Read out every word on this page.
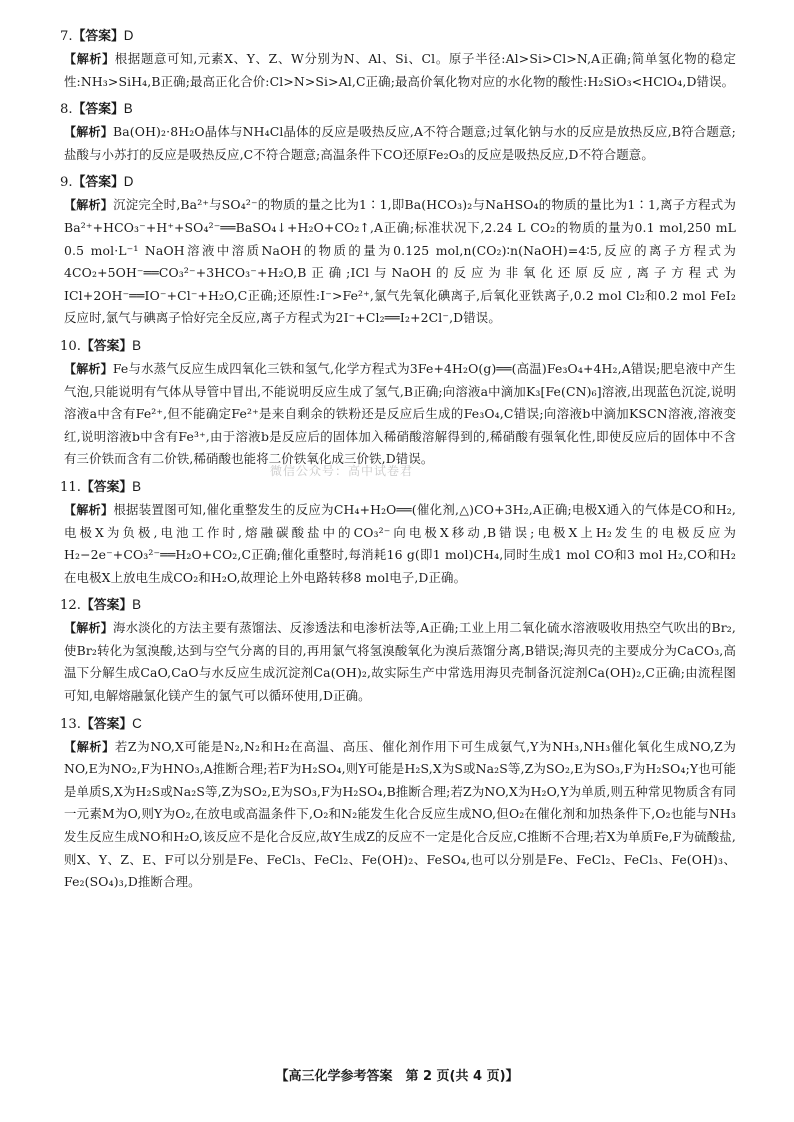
微信公众号：高中试卷君
7.【答案】D
【解析】根据题意可知,元素X、Y、Z、W分别为N、Al、Si、Cl。原子半径:Al>Si>Cl>N,A正确;简单氢化物的稳定性:NH₃>SiH₄,B正确;最高正化合价:Cl>N>Si>Al,C正确;最高价氧化物对应的水化物的酸性:H₂SiO₃<HClO₄,D错误。
8.【答案】B
【解析】Ba(OH)₂·8H₂O晶体与NH₄Cl晶体的反应是吸热反应,A不符合题意;过氧化钠与水的反应是放热反应,B符合题意;盐酸与小苏打的反应是吸热反应,C不符合题意;高温条件下CO还原Fe₂O₃的反应是吸热反应,D不符合题意。
9.【答案】D
【解析】沉淀完全时,Ba²⁺与SO₄²⁻的物质的量之比为1∶1,即Ba(HCO₃)₂与NaHSO₄的物质的量比为1∶1,离子方程式为Ba²⁺+HCO₃⁻+H⁺+SO₄²⁻══BaSO₄↓+H₂O+CO₂↑,A正确;标准状况下,2.24 L CO₂的物质的量为0.1 mol,250 mL 0.5 mol·L⁻¹ NaOH溶液中溶质NaOH的物质的量为0.125 mol,n(CO₂)∶n(NaOH)=4∶5,反应的离子方程式为4CO₂+5OH⁻══CO₃²⁻+3HCO₃⁻+H₂O,B正确;ICl与NaOH的反应为非氧化还原反应,离子方程式为ICl+2OH⁻══IO⁻+Cl⁻+H₂O,C正确;还原性:I⁻>Fe²⁺,氯气先氧化碘离子,后氧化亚铁离子,0.2 mol Cl₂和0.2 mol FeI₂反应时,氯气与碘离子恰好完全反应,离子方程式为2I⁻+Cl₂══I₂+2Cl⁻,D错误。
10.【答案】B
【解析】Fe与水蒸气反应生成四氧化三铁和氢气,化学方程式为3Fe+4H₂O(g)══(高温)Fe₃O₄+4H₂,A错误;肥皂液中产生气泡,只能说明有气体从导管中冒出,不能说明反应生成了氢气,B正确;向溶液a中滴加K₃[Fe(CN)₆]溶液,出现蓝色沉淀,说明溶液a中含有Fe²⁺,但不能确定Fe²⁺是来自剩余的铁粉还是反应后生成的Fe₃O₄,C错误;向溶液b中滴加KSCN溶液,溶液变红,说明溶液b中含有Fe³⁺,由于溶液b是反应后的固体加入稀硝酸溶解得到的,稀硝酸有强氧化性,即使反应后的固体中不含有三价铁而含有二价铁,稀硝酸也能将二价铁氧化成三价铁,D错误。
11.【答案】B
【解析】根据装置图可知,催化重整发生的反应为CH₄+H₂O══(催化剂,△)CO+3H₂,A正确;电极X通入的气体是CO和H₂,电极X为负极,电池工作时,熔融碳酸盐中的CO₃²⁻向电极X移动,B错误;电极X上H₂发生的电极反应为H₂−2e⁻+CO₃²⁻══H₂O+CO₂,C正确;催化重整时,每消耗16 g(即1 mol)CH₄,同时生成1 mol CO和3 mol H₂,CO和H₂在电极X上放电生成CO₂和H₂O,故理论上外电路转移8 mol电子,D正确。
12.【答案】B
【解析】海水淡化的方法主要有蒸馏法、反渗透法和电渗析法等,A正确;工业上用二氧化硫水溶液吸收用热空气吹出的Br₂,使Br₂转化为氢溴酸,达到与空气分离的目的,再用氯气将氢溴酸氧化为溴后蒸馏分离,B错误;海贝壳的主要成分为CaCO₃,高温下分解生成CaO,CaO与水反应生成沉淀剂Ca(OH)₂,故实际生产中常选用海贝壳制备沉淀剂Ca(OH)₂,C正确;由流程图可知,电解熔融氯化镁产生的氯气可以循环使用,D正确。
13.【答案】C
【解析】若Z为NO,X可能是N₂,N₂和H₂在高温、高压、催化剂作用下可生成氨气,Y为NH₃,NH₃催化氧化生成NO,Z为NO,E为NO₂,F为HNO₃,A推断合理;若F为H₂SO₄,则Y可能是H₂S,X为S或Na₂S等,Z为SO₂,E为SO₃,F为H₂SO₄;Y也可能是单质S,X为H₂S或Na₂S等,Z为SO₂,E为SO₃,F为H₂SO₄,B推断合理;若Z为NO,X为H₂O,Y为单质,则五种常见物质含有同一元素M为O,则Y为O₂,在放电或高温条件下,O₂和N₂能发生化合反应生成NO,但O₂在催化剂和加热条件下,O₂也能与NH₃发生反应生成NO和H₂O,该反应不是化合反应,故Y生成Z的反应不一定是化合反应,C推断不合理;若X为单质Fe,F为硫酸盐,则X、Y、Z、E、F可以分别是Fe、FeCl₃、FeCl₂、Fe(OH)₂、FeSO₄,也可以分别是Fe、FeCl₂、FeCl₃、Fe(OH)₃、Fe₂(SO₄)₃,D推断合理。
【高三化学参考答案　第 2 页(共 4 页)】
